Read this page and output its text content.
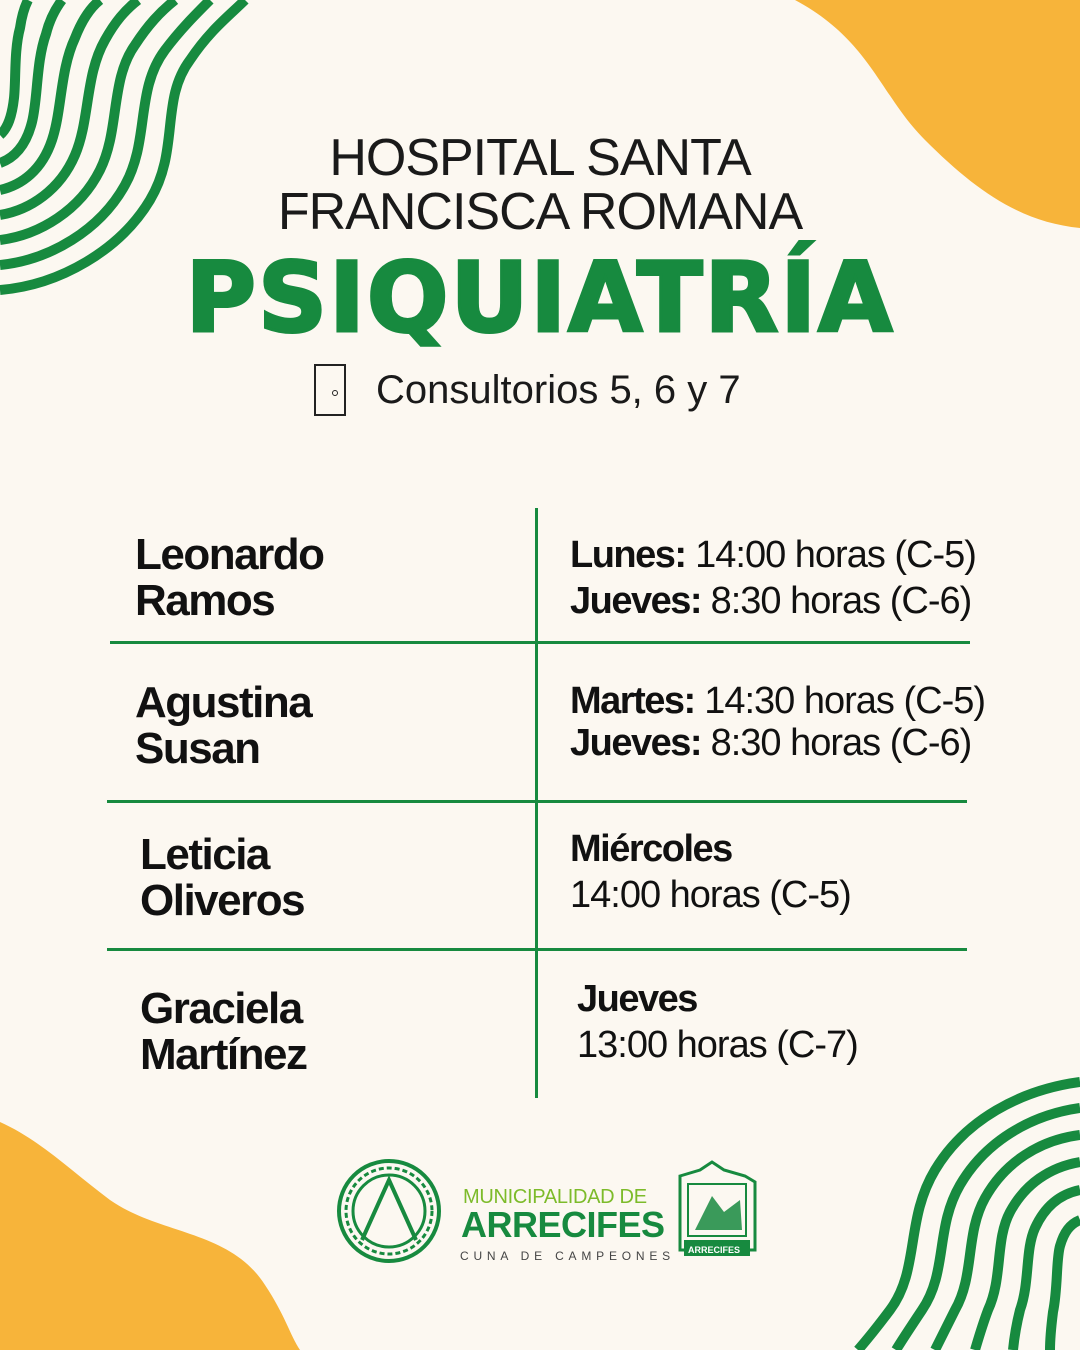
HOSPITAL SANTA
FRANCISCA ROMANA
PSIQUIATRÍA
Consultorios 5, 6 y 7
Leonardo
Ramos
Lunes: 14:00 horas (C-5)
Jueves: 8:30 horas (C-6)
Agustina
Susan
Martes: 14:30 horas (C-5)
Jueves: 8:30 horas (C-6)
Leticia
Oliveros
Miércoles
14:00 horas (C-5)
Graciela
Martínez
Jueves
13:00 horas (C-7)
MUNICIPALIDAD DE
ARRECIFES
CUNA DE CAMPEONES ARRECIFES
